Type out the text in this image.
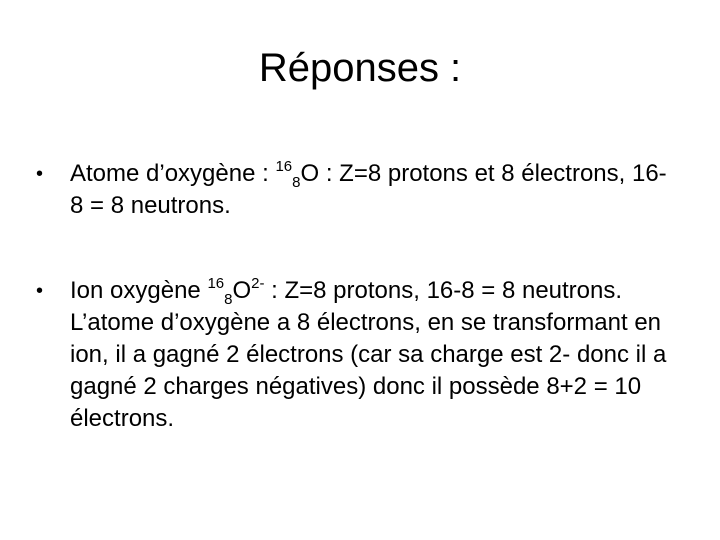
Réponses :
• Atome d’oxygène : $^{16}_8$O : Z=8 protons et 8 électrons, 16-8 = 8 neutrons.
• Ion oxygène $^{16}_8O^{2-}$ : Z=8 protons, 16-8 = 8 neutrons. L’atome d’oxygène a 8 électrons, en se transformant en ion, il a gagné 2 électrons (car sa charge est 2- donc il a gagné 2 charges négatives) donc il possède 8+2 = 10 électrons.
